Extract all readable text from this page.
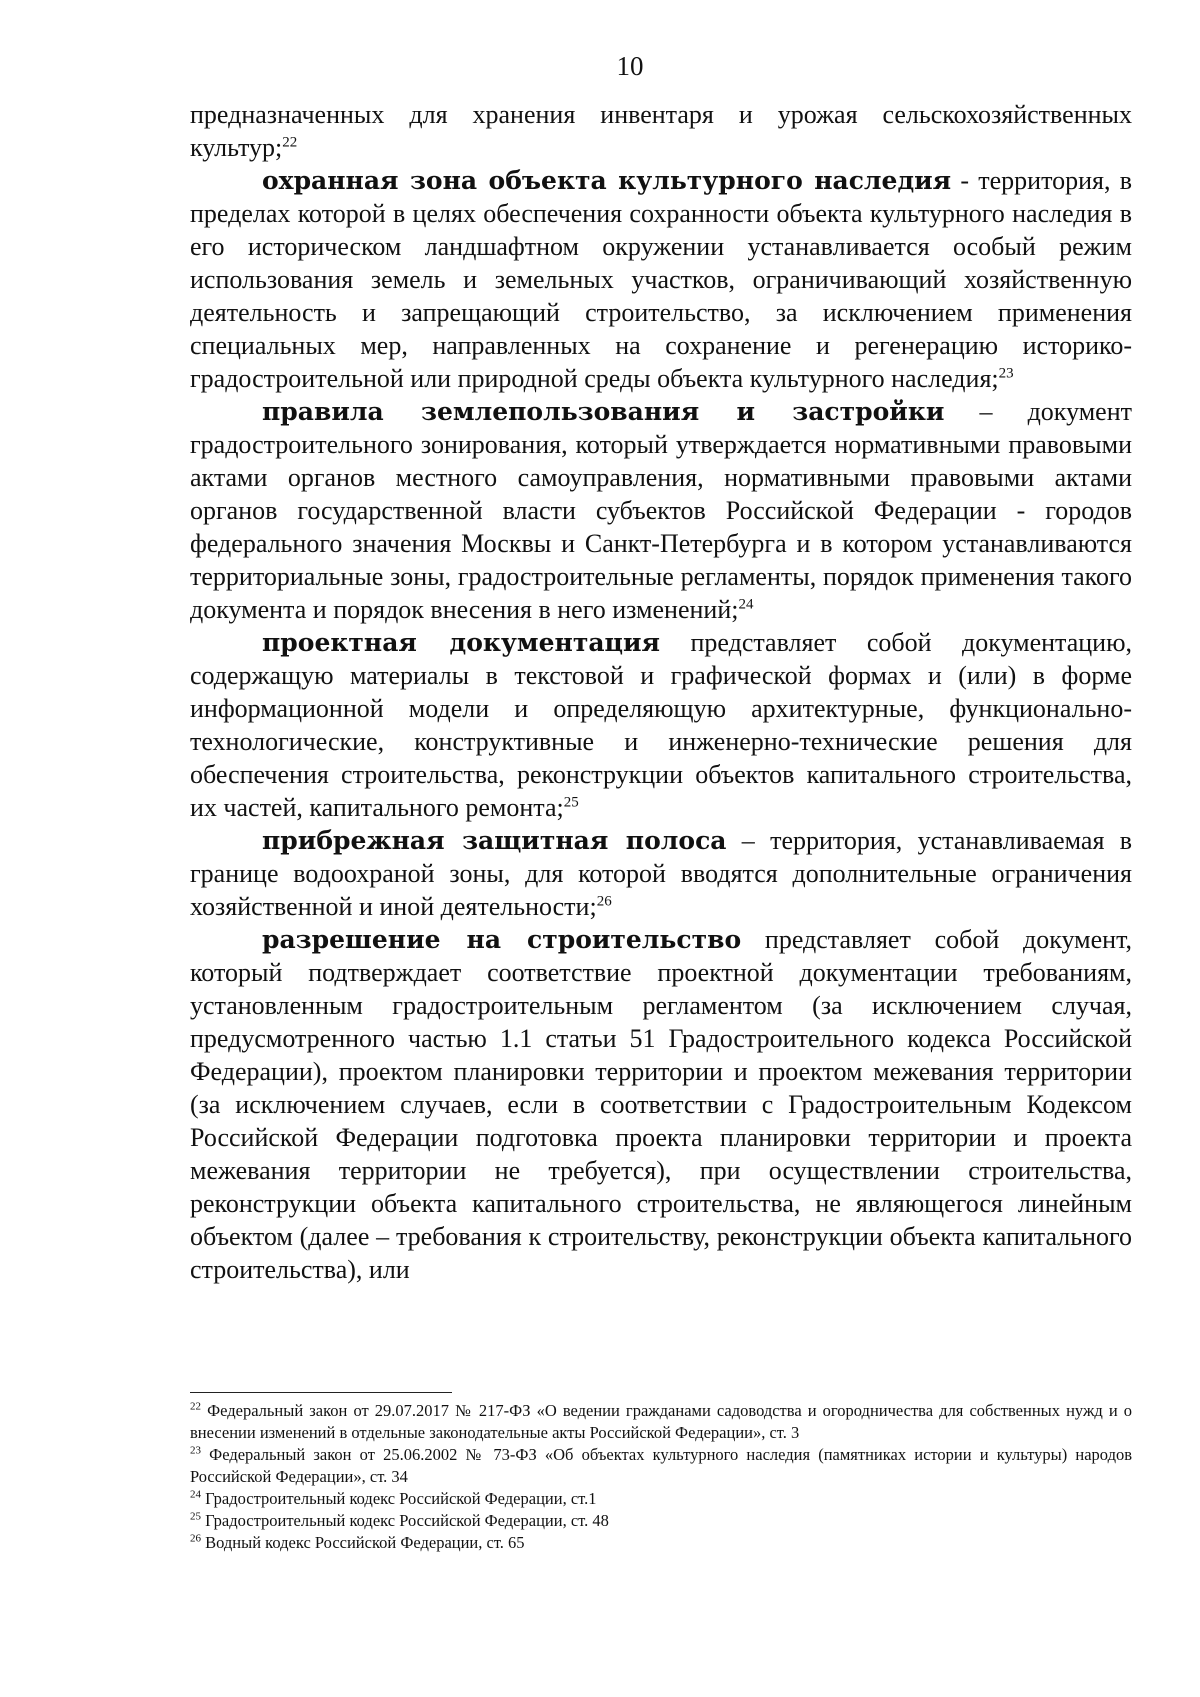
10

предназначенных для хранения инвентаря и урожая сельскохозяйственных культур;$^{22}$

охранная зона объекта культурного наследия - территория, в пределах которой в целях обеспечения сохранности объекта культурного наследия в его историческом ландшафтном окружении устанавливается особый режим использования земель и земельных участков, ограничивающий хозяйственную деятельность и запрещающий строительство, за исключением применения специальных мер, направленных на сохранение и регенерацию историко-градостроительной или природной среды объекта культурного наследия;$^{23}$

правила землепользования и застройки – документ градостроительного зонирования, который утверждается нормативными правовыми актами органов местного самоуправления, нормативными правовыми актами органов государственной власти субъектов Российской Федерации - городов федерального значения Москвы и Санкт-Петербурга и в котором устанавливаются территориальные зоны, градостроительные регламенты, порядок применения такого документа и порядок внесения в него изменений;$^{24}$

проектная документация представляет собой документацию, содержащую материалы в текстовой и графической формах и (или) в форме информационной модели и определяющую архитектурные, функционально-технологические, конструктивные и инженерно-технические решения для обеспечения строительства, реконструкции объектов капитального строительства, их частей, капитального ремонта;$^{25}$

прибрежная защитная полоса – территория, устанавливаемая в границе водоохраной зоны, для которой вводятся дополнительные ограничения хозяйственной и иной деятельности;$^{26}$

разрешение на строительство представляет собой документ, который подтверждает соответствие проектной документации требованиям, установленным градостроительным регламентом (за исключением случая, предусмотренного частью 1.1 статьи 51 Градостроительного кодекса Российской Федерации), проектом планировки территории и проектом межевания территории (за исключением случаев, если в соответствии с Градостроительным Кодексом Российской Федерации подготовка проекта планировки территории и проекта межевания территории не требуется), при осуществлении строительства, реконструкции объекта капитального строительства, не являющегося линейным объектом (далее – требования к строительству, реконструкции объекта капитального строительства), или

$^{22}$ Федеральный закон от 29.07.2017 № 217-ФЗ «О ведении гражданами садоводства и огородничества для собственных нужд и о внесении изменений в отдельные законодательные акты Российской Федерации», ст. 3

$^{23}$ Федеральный закон от 25.06.2002 № 73-ФЗ «Об объектах культурного наследия (памятниках истории и культуры) народов Российской Федерации», ст. 34

$^{24}$ Градостроительный кодекс Российской Федерации, ст.1

$^{25}$ Градостроительный кодекс Российской Федерации, ст. 48

$^{26}$ Водный кодекс Российской Федерации, ст. 65
